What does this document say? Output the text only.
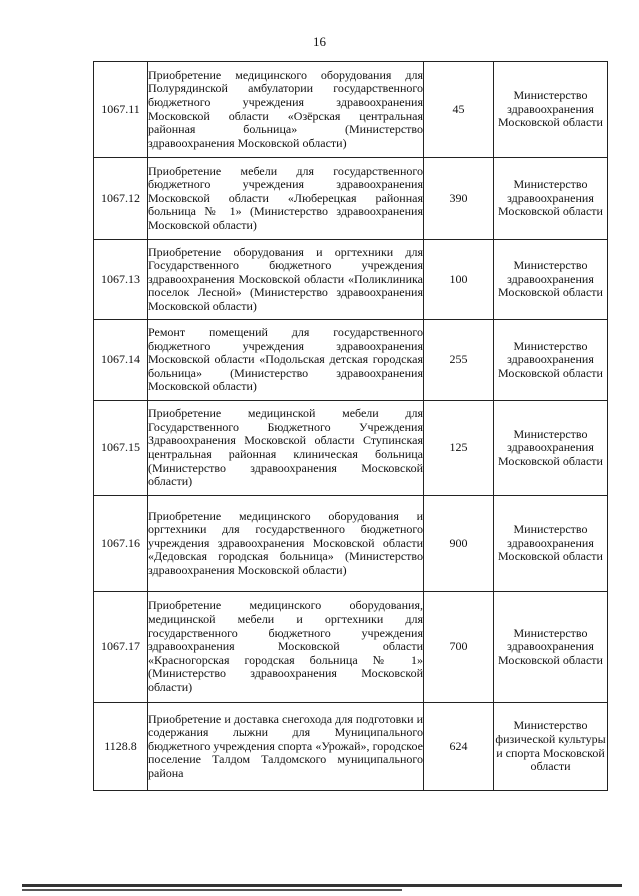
16
1067.11	Приобретение медицинского оборудования для Полурядинской амбулатории государственного бюджетного учреждения здравоохранения Московской области «Озёрская центральная районная больница» (Министерство здравоохранения Московской области)	45	Министерство здравоохранения Московской области
1067.12	Приобретение мебели для государственного бюджетного учреждения здравоохранения Московской области «Люберецкая районная больница № 1» (Министерство здравоохранения Московской области)	390	Министерство здравоохранения Московской области
1067.13	Приобретение оборудования и оргтехники для Государственного бюджетного учреждения здравоохранения Московской области «Поликлиника поселок Лесной» (Министерство здравоохранения Московской области)	100	Министерство здравоохранения Московской области
1067.14	Ремонт помещений для государственного бюджетного учреждения здравоохранения Московской области «Подольская детская городская больница» (Министерство здравоохранения Московской области)	255	Министерство здравоохранения Московской области
1067.15	Приобретение медицинской мебели для Государственного Бюджетного Учреждения Здравоохранения Московской области Ступинская центральная районная клиническая больница (Министерство здравоохранения Московской области)	125	Министерство здравоохранения Московской области
1067.16	Приобретение медицинского оборудования и оргтехники для государственного бюджетного учреждения здравоохранения Московской области «Дедовская городская больница» (Министерство здравоохранения Московской области)	900	Министерство здравоохранения Московской области
1067.17	Приобретение медицинского оборудования, медицинской мебели и оргтехники для государственного бюджетного учреждения здравоохранения Московской области «Красногорская городская больница № 1» (Министерство здравоохранения Московской области)	700	Министерство здравоохранения Московской области
1128.8	Приобретение и доставка снегохода для подготовки и содержания лыжни для Муниципального бюджетного учреждения спорта «Урожай», городское поселение Талдом Талдомского муниципального района	624	Министерство физической культуры и спорта Московской области
